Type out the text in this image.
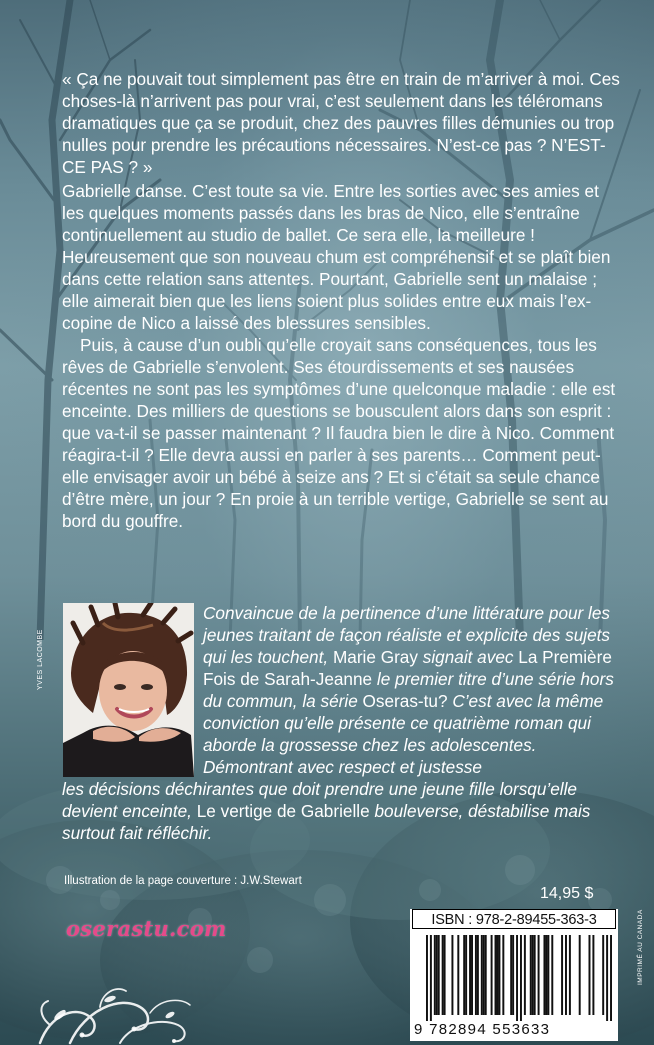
« Ça ne pouvait tout simplement pas être en train de m’arriver à moi. Ces choses-là n’arrivent pas pour vrai, c’est seulement dans les téléromans dramatiques que ça se produit, chez des pauvres filles démunies ou trop nulles pour prendre les précautions nécessaires. N’est-ce pas ? N’EST-CE PAS ? »

Gabrielle danse. C’est toute sa vie. Entre les sorties avec ses amies et les quelques moments passés dans les bras de Nico, elle s’entraîne continuellement au studio de ballet. Ce sera elle, la meilleure ! Heureusement que son nouveau chum est compréhensif et se plaît bien dans cette relation sans attentes. Pourtant, Gabrielle sent un malaise ; elle aimerait bien que les liens soient plus solides entre eux mais l’ex-copine de Nico a laissé des blessures sensibles.

Puis, à cause d’un oubli qu’elle croyait sans conséquences, tous les rêves de Gabrielle s’envolent. Ses étourdissements et ses nausées récentes ne sont pas les symptômes d’une quelconque maladie : elle est enceinte. Des milliers de questions se bousculent alors dans son esprit : que va-t-il se passer maintenant ? Il faudra bien le dire à Nico. Comment réagira-t-il ? Elle devra aussi en parler à ses parents… Comment peut-elle envisager avoir un bébé à seize ans ? Et si c’était sa seule chance d’être mère, un jour ? En proie à un terrible vertige, Gabrielle se sent au bord du gouffre.

YVES LACOMBE

Convaincue de la pertinence d’une littérature pour les jeunes traitant de façon réaliste et explicite des sujets qui les touchent, Marie Gray signait avec La Première Fois de Sarah-Jeanne le premier titre d’une série hors du commun, la série Oseras-tu? C’est avec la même conviction qu’elle présente ce quatrième roman qui aborde la grossesse chez les adolescentes. Démontrant avec respect et justesse

les décisions déchirantes que doit prendre une jeune fille lorsqu’elle devient enceinte, Le vertige de Gabrielle bouleverse, déstabilise mais surtout fait réfléchir.

Illustration de la page couverture : J.W.Stewart
14,95 $
ISBN : 978-2-89455-363-3
9 782894 553633
IMPRIMÉ AU CANADA
oserastu.com
